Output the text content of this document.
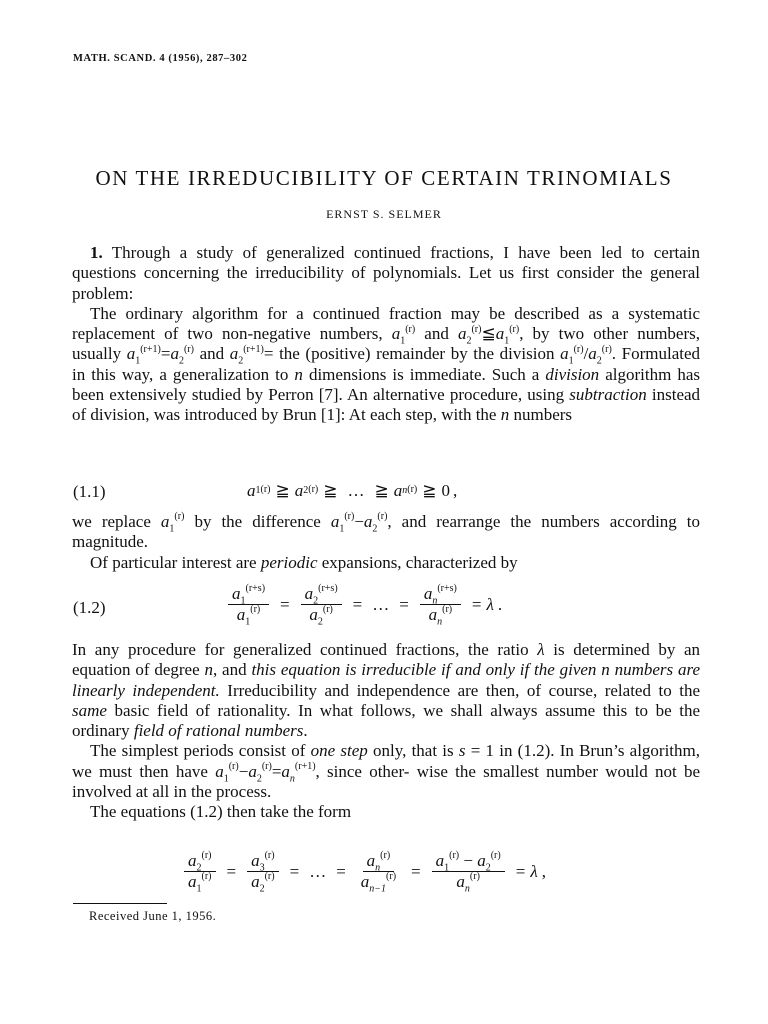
MATH. SCAND. 4 (1956), 287–302
ON THE IRREDUCIBILITY OF CERTAIN TRINOMIALS
ERNST S. SELMER

1. Through a study of generalized continued fractions, I have been led to certain questions concerning the irreducibility of polynomials. Let us first consider the general problem:

The ordinary algorithm for a continued fraction may be described as a systematic replacement of two non-negative numbers, $a_1^{(r)}$ and $a_2^{(r)}≦a_1^{(r)}$, by two other numbers, usually $a_1^{(r+1)}=a_2^{(r)}$ and $a_2^{(r+1)}=$ the (positive) remainder by the division $a_1^{(r)}/a_2^{(r)}$. Formulated in this way, a generalization to n dimensions is immediate. Such a division algorithm has been extensively studied by Perron [7]. An alternative procedure, using subtraction instead of division, was introduced by Brun [1]: At each step, with the n numbers

(1.1)	a 1$^{(r)}$ ≧ a 2$^{(r)}$ ≧ … ≧ a $n^{(r)}$ ≧ 0 ,

we replace $a_1^{(r)}$ by the difference $a_1^{(r)}-a_2^{(r)}$, and rearrange the numbers according to magnitude.

Of particular interest are periodic expansions, characterized by

(1.2)	$\frac{a_1^{(r+s)}}{a_1^{(r)}} = \frac{a_2^{(r+s)}}{a_2^{(r)}}$ = … = $\frac{a_n^{(r+s)}}{a_n^{(r)}} = \lambda$ .

In any procedure for generalized continued fractions, the ratio λ is determined by an equation of degree n, and this equation is irreducible if and only if the given n numbers are linearly independent. Irreducibility and independence are then, of course, related to the same basic field of rationality. In what follows, we shall always assume this to be the ordinary field of rational numbers.

The simplest periods consist of one step only, that is s = 1 in (1.2). In Brun’s algorithm, we must then have $a_1^{(r)}-a_2^{(r)}=a_n^{(r+1)}$, since other- wise the smallest number would not be involved at all in the process.
The equations (1.2) then take the form

$\frac{a_2^{(r)}}{a_1^{(r)}} = \frac{a_3^{(r)}}{a_2^{(r)}}$ = … = $\frac{a_n^{(r)}}{a_{n-1}^{(r)}} = \frac{a_1^{(r)} - a_2^{(r)}}{a_n^{(r)}} = \lambda$ ,
Received June 1, 1956.
